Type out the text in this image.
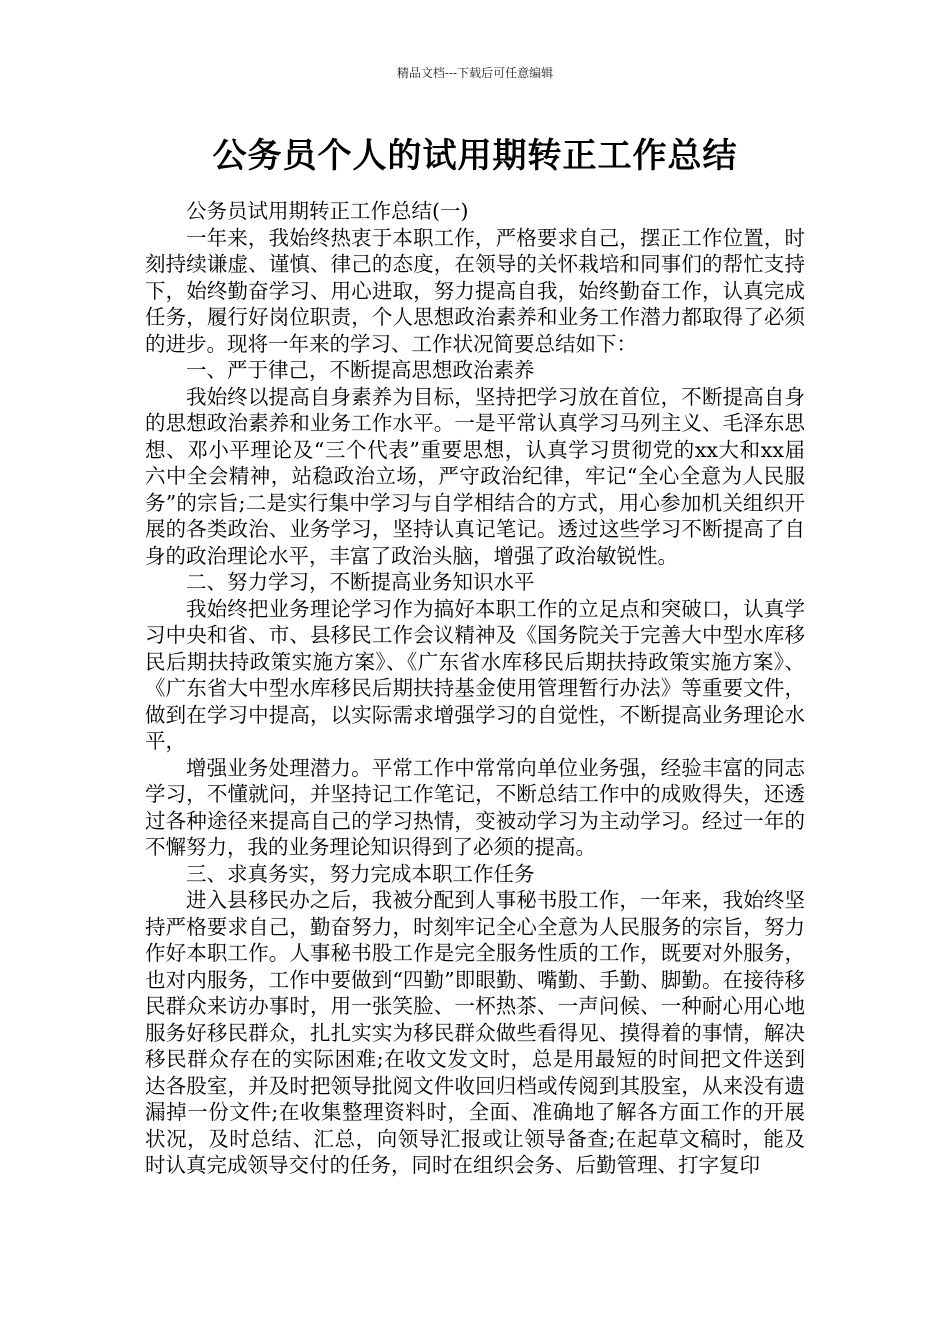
精品文档---下载后可任意编辑
公务员个人的试用期转正工作总结

公务员试用期转正工作总结(一)

一年来，我始终热衷于本职工作，严格要求自己，摆正工作位置，时刻持续谦虚、谨慎、律己的态度，在领导的关怀栽培和同事们的帮忙支持下，始终勤奋学习、用心进取，努力提高自我，始终勤奋工作，认真完成任务，履行好岗位职责，个人思想政治素养和业务工作潜力都取得了必须的进步。现将一年来的学习、工作状况简要总结如下：

一、严于律己，不断提高思想政治素养

我始终以提高自身素养为目标，坚持把学习放在首位，不断提高自身的思想政治素养和业务工作水平。一是平常认真学习马列主义、毛泽东思想、邓小平理论及“三个代表”重要思想，认真学习贯彻党的xx大和xx届六中全会精神，站稳政治立场，严守政治纪律，牢记“全心全意为人民服务”的宗旨;二是实行集中学习与自学相结合的方式，用心参加机关组织开展的各类政治、业务学习，坚持认真记笔记。透过这些学习不断提高了自身的政治理论水平，丰富了政治头脑，增强了政治敏锐性。

二、努力学习，不断提高业务知识水平

我始终把业务理论学习作为搞好本职工作的立足点和突破口，认真学习中央和省、市、县移民工作会议精神及《国务院关于完善大中型水库移民后期扶持政策实施方案》、《广东省水库移民后期扶持政策实施方案》、《广东省大中型水库移民后期扶持基金使用管理暂行办法》等重要文件，做到在学习中提高，以实际需求增强学习的自觉性，不断提高业务理论水平，

增强业务处理潜力。平常工作中常常向单位业务强，经验丰富的同志学习，不懂就问，并坚持记工作笔记，不断总结工作中的成败得失，还透过各种途径来提高自己的学习热情，变被动学习为主动学习。经过一年的不懈努力，我的业务理论知识得到了必须的提高。

三、求真务实，努力完成本职工作任务

进入县移民办之后，我被分配到人事秘书股工作，一年来，我始终坚持严格要求自己，勤奋努力，时刻牢记全心全意为人民服务的宗旨，努力作好本职工作。人事秘书股工作是完全服务性质的工作，既要对外服务，也对内服务，工作中要做到“四勤”即眼勤、嘴勤、手勤、脚勤。在接待移民群众来访办事时，用一张笑脸、一杯热茶、一声问候、一种耐心用心地服务好移民群众，扎扎实实为移民群众做些看得见、摸得着的事情，解决移民群众存在的实际困难;在收文发文时，总是用最短的时间把文件送到达各股室，并及时把领导批阅文件收回归档或传阅到其股室，从来没有遗漏掉一份文件;在收集整理资料时，全面、准确地了解各方面工作的开展状况，及时总结、汇总，向领导汇报或让领导备查;在起草文稿时，能及时认真完成领导交付的任务，同时在组织会务、后勤管理、打字复印
